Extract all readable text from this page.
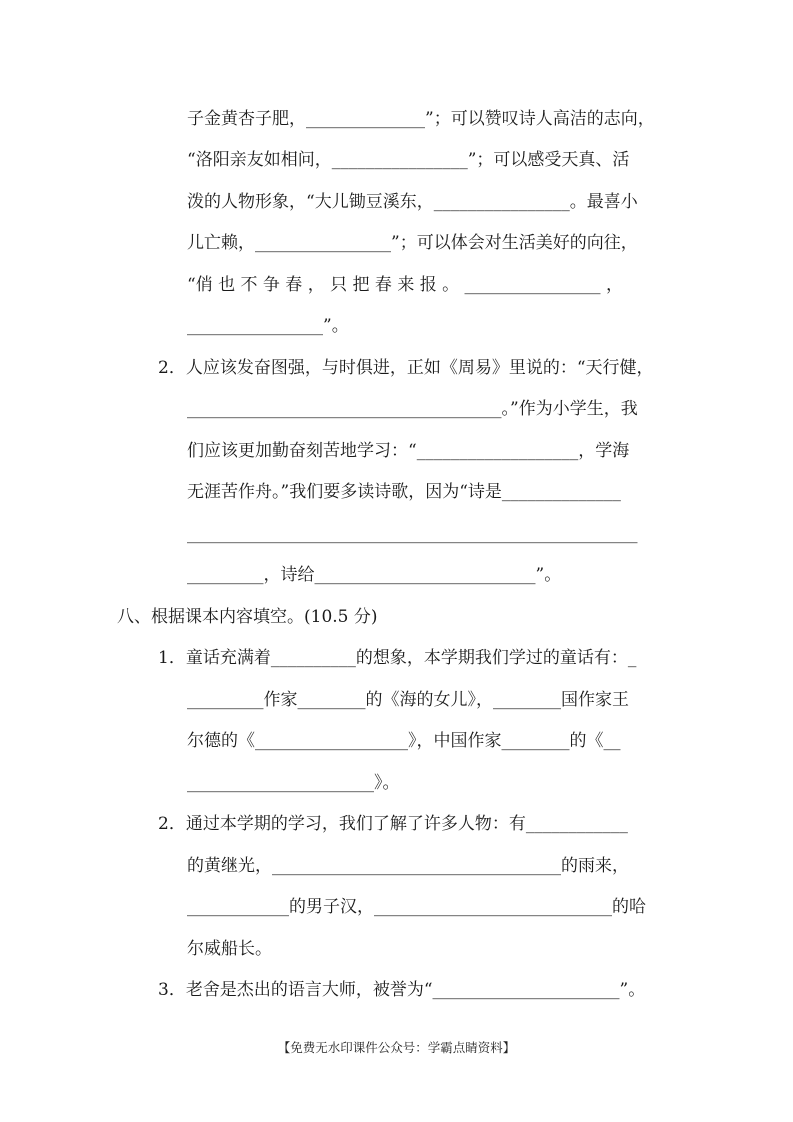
子金黄杏子肥，______________”；可以赞叹诗人高洁的志向，
“洛阳亲友如相问，________________”；可以感受天真、活
泼的人物形象，“大儿锄豆溪东，________________。最喜小
儿亡赖，________________”；可以体会对生活美好的向往，
“俏 也 不 争 春 ， 只 把 春 来 报 。 ________________ ，
________________”。
2．人应该发奋图强，与时俱进，正如《周易》里说的：“天行健，
_____________________________________。”作为小学生，我
们应该更加勤奋刻苦地学习：“___________________，学海
无涯苦作舟。”我们要多读诗歌，因为“诗是______________
_____________________________________________________
_________，诗给__________________________”。
八、根据课本内容填空。(10.5 分)
1．童话充满着__________的想象，本学期我们学过的童话有：_
_________作家________的《海的女儿》，________国作家王
尔德的《__________________》，中国作家________的《__
______________________》。
2．通过本学期的学习，我们了解了许多人物：有____________
的黄继光，__________________________________的雨来，
____________的男子汉，____________________________的哈
尔威船长。
3．老舍是杰出的语言大师，被誉为“______________________”。
【免费无水印课件公众号：学霸点睛资料】
